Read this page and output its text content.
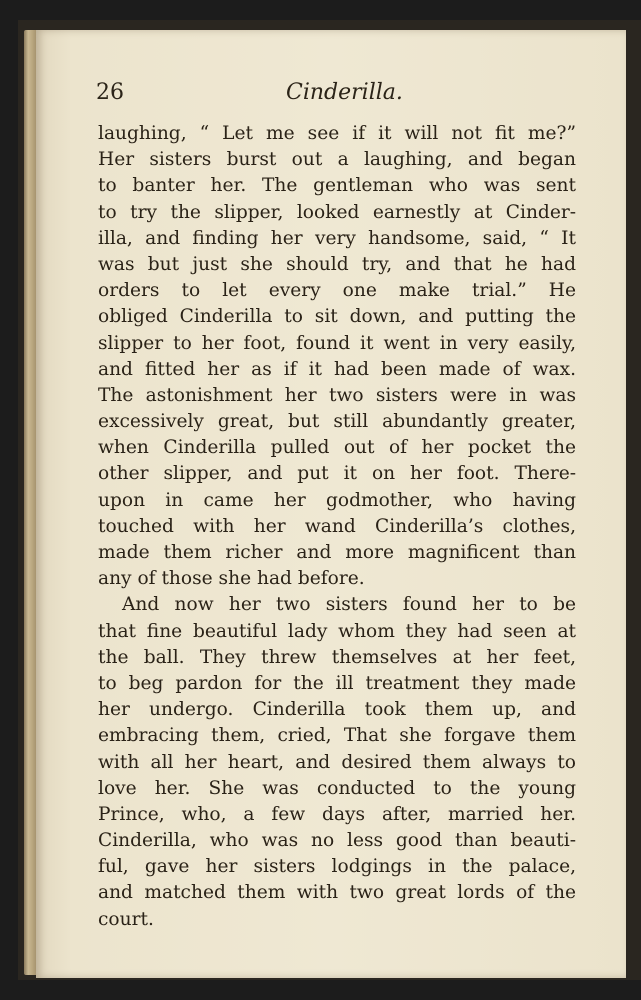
26	Cinderilla.
laughing, “ Let me see if it will not fit me?”
Her sisters burst out a laughing, and began
to banter her. The gentleman who was sent
to try the slipper, looked earnestly at Cinder-
illa, and finding her very handsome, said, “ It
was but just she should try, and that he had
orders to let every one make trial.” He
obliged Cinderilla to sit down, and putting the
slipper to her foot, found it went in very easily,
and fitted her as if it had been made of wax.
The astonishment her two sisters were in was
excessively great, but still abundantly greater,
when Cinderilla pulled out of her pocket the
other slipper, and put it on her foot. There-
upon in came her godmother, who having
touched with her wand Cinderilla’s clothes,
made them richer and more magnificent than
any of those she had before.
And now her two sisters found her to be
that fine beautiful lady whom they had seen at
the ball. They threw themselves at her feet,
to beg pardon for the ill treatment they made
her undergo. Cinderilla took them up, and
embracing them, cried, That she forgave them
with all her heart, and desired them always to
love her. She was conducted to the young
Prince, who, a few days after, married her.
Cinderilla, who was no less good than beauti-
ful, gave her sisters lodgings in the palace,
and matched them with two great lords of the
court.
